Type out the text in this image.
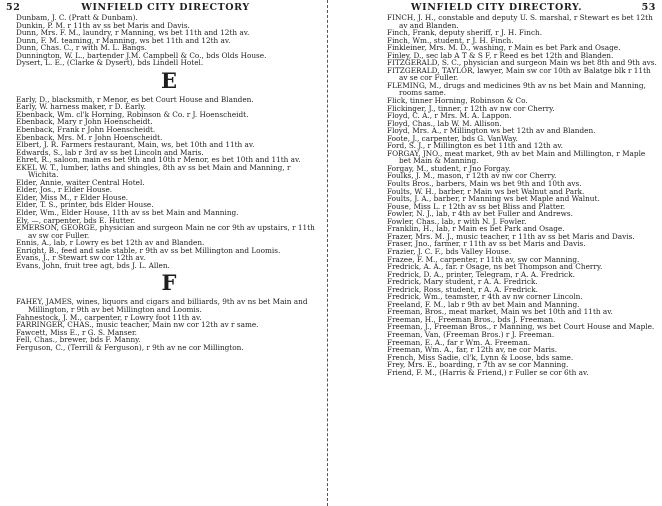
52	WINFIELD CITY DIRECTORY
Dunbam, J. C. (Pratt & Dunbam).
Dunkin, P. M. r 11th av ss bet Maris and Davis.
Dunn, Mrs. F. M., laundry, r Manning, ws bet 11th and 12th av.
Dunn, F. M. teaming, r Manning, ws bet 11th and 12th av.
Dunn, Chas. C., r with M. L. Bangs.
Dunnington, W. L., bartender J.M. Campbell & Co., bds Olds House.
Dysert, L. E., (Clarke & Dysert), bds Lindell Hotel.
E
Early, D., blacksmith, r Menor, es bet Court House and Blanden.
Early, W. harness maker, r D. Early.
Ebenback, Wm. cl'k Horning, Robinson & Co. r J. Hoenscheidt.
Ebenback, Mary r John Hoenscheidt.
Ebenback, Frank r John Hoenscheidt.
Ebenback, Mrs. M. r John Hoenscheidt.
Elbert, J. R. Farmers restaurant, Main, ws, bet 10th and 11th av.
Edwards, S., lab r 3rd av ss bet Lincoln and Maris.
Ehret, R., saloon, main es bet 9th and 10th r Menor, es bet 10th and 11th av.
EKEL W. T., lumber, laths and shingles, 8th av ss bet Main and Manning, r Wichita.
Elder, Annie, waiter Central Hotel.
Elder, Jos., r Elder House.
Elder, Miss M., r Elder House.
Elder, T. S., printer, bds Elder House.
Elder, Wm., Elder House, 11th av ss bet Main and Manning.
Ely, —, carpenter, bds E. Hutter.
EMERSON, GEORGE, physician and surgeon Main ne cor 9th av upstairs, r 11th av sw cor Fuller.
Ennis, A., lab, r Lowry es bet 12th av and Blanden.
Enright, B., feed and sale stable, r 9th av ss bet Millington and Loomis.
Evans, J., r Stewart sw cor 12th av.
Evans, John, fruit tree agt, bds J. L. Allen.
F
FAHEY, JAMES, wines, liquors and cigars and billiards, 9th av ns bet Main and Millington, r 9th av bet Millington and Loomis.
Fahnestock, J. M., carpenter, r Lowry foot 11th av.
FARRINGER, CHAS., music teacher, Main nw cor 12th av r same.
Fawcett, Miss E., r G. S. Manser.
Fell, Chas., brewer, bds F. Manny.
Ferguson, C., (Terrill & Ferguson), r 9th av ne cor Millington.
WINFIELD CITY DIRECTORY.	53
FINCH, J. H., constable and deputy U. S. marshal, r Stewart es bet 12th av and Blanden.
Finch, Frank, deputy sheriff, r J. H. Finch.
Finch, Wm., student, r J. H. Finch.
Finkleiner, Mrs. M. D., washing, r Main es bet Park and Osage.
Finley, D., sec lab A T & S F, r Reed es bet 12th and Blanden.
FITZGERALD, S. C., physician and surgeon Main ws bet 8th and 9th avs.
FITZGERALD, TAYLOR, lawyer, Main sw cor 10th av Balatge blk r 11th av se cor Fuller.
FLEMING, M., drugs and medicines 9th av ns bet Main and Manning, rooms same.
Flick, tinner Horning, Robinson & Co.
Flickinger, J., tinner, r 12th av nw cor Cherry.
Floyd, C. A., r Mrs. M. A. Lappon.
Floyd, Chas., lab W. M. Allison.
Floyd, Mrs. A., r Millington ws bet 12th av and Blanden.
Foote, J., carpenter, bds G. VanWay.
Ford, S. J., r Millington es bet 11th and 12th av.
FORGAY, JNO., meat market, 9th av bet Main and Millington, r Maple bet Main & Manning.
Forgay, M., student, r Jno Forgay.
Foulks, J. M., mason, r 12th av nw cor Cherry.
Foults Bros., barbers, Main ws bet 9th and 10th avs.
Foults, W. H., barber, r Main ws bet Walnut and Park.
Foults, J. A., barber, r Manning ws bet Maple and Walnut.
Fouse, Miss L. r 12th av ss bet Bliss and Platter.
Fowler, N. J., lab, r 4th av bet Fuller and Andrews.
Fowler, Chas., lab, r with N. J. Fowler.
Franklin, H., lab, r Main es bet Park and Osage.
Frazer, Mrs. M. J., music teacher, r 11th av ss bet Maris and Davis.
Fraser, Jno., farmer, r 11th av ss bet Maris and Davis.
Frazier, J. C. F., bds Valley House.
Frazee, F. M., carpenter, r 11th av, sw cor Manning.
Fredrick, A. A., far. r Osage, ns bet Thompson and Cherry.
Fredrick, D. A., printer, Telegram, r A. A. Fredrick.
Fredrick, Mary student, r A. A. Fredrick.
Fredrick, Ross, student, r A. A. Fredrick.
Fredrick, Wm., teamster, r 4th av nw corner Lincoln.
Freeland, F. M., lab r 9th av bet Main and Manning.
Freeman, Bros., meat market, Main ws bet 10th and 11th av.
Freeman, H., Freeman Bros., bds J. Freeman.
Freeman, J., Freeman Bros., r Manning, ws bet Court House and Maple.
Freeman, Van, (Freeman Bros.) r J. Freeman.
Freeman, E. A., far r Wm. A. Freeman.
Freeman, Wm. A., far, r 12th av, ne cor Maris.
French, Miss Sadie, cl'k, Lynn & Loose, bds same.
Frey, Mrs. E., boarding, r 7th av se cor Manning.
Friend, F. M., (Harris & Friend,) r Fuller se cor 6th av.
